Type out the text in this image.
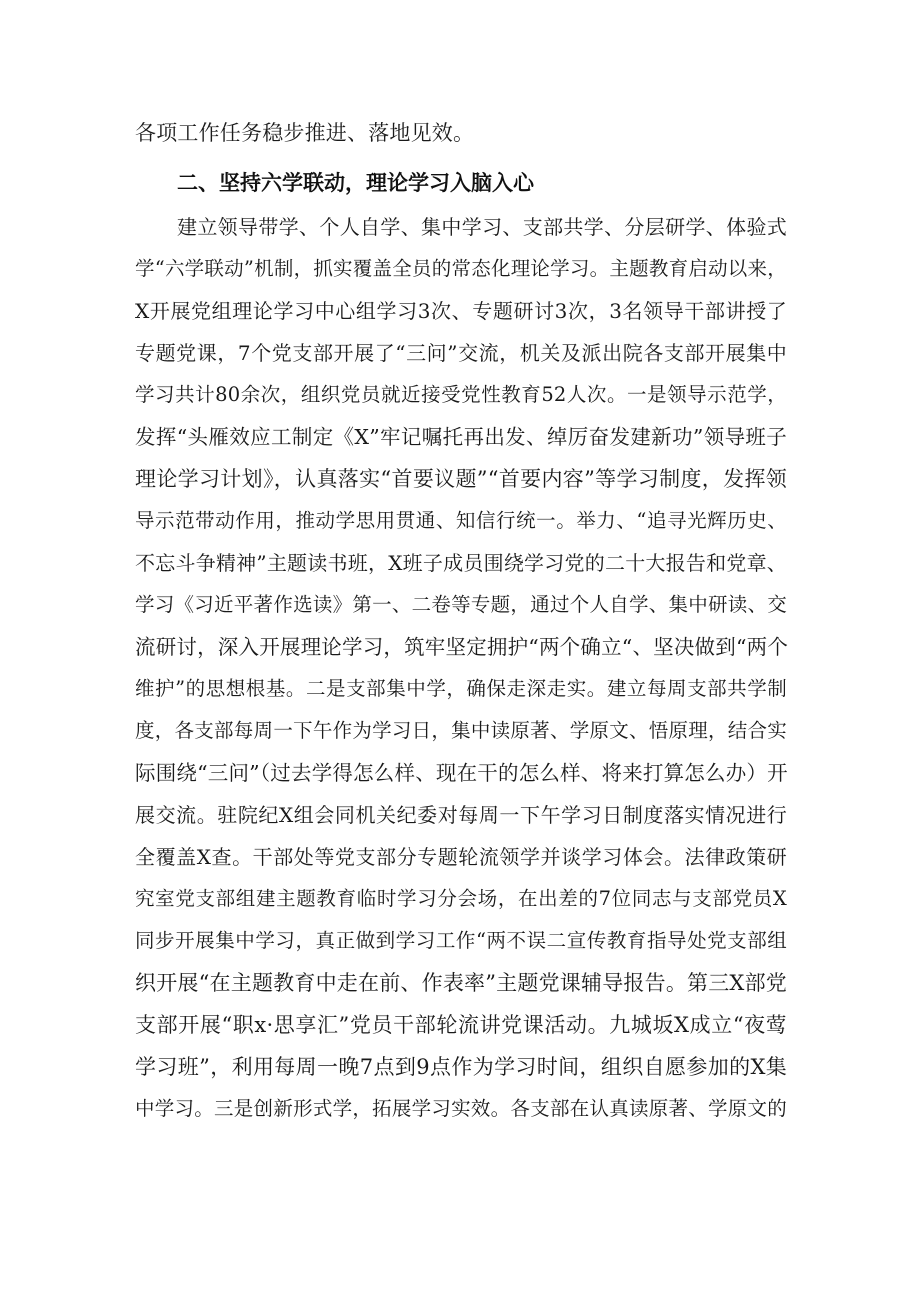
各项工作任务稳步推进、落地见效。
二、坚持六学联动，理论学习入脑入心
建立领导带学、个人自学、集中学习、支部共学、分层研学、体验式
学“六学联动”机制，抓实覆盖全员的常态化理论学习。主题教育启动以来，
X开展党组理论学习中心组学习3次、专题研讨3次，3名领导干部讲授了
专题党课，7个党支部开展了“三问”交流，机关及派出院各支部开展集中
学习共计80余次，组织党员就近接受党性教育52人次。一是领导示范学，
发挥“头雁效应工制定《X”牢记嘱托再出发、绰厉奋发建新功”领导班子
理论学习计划》，认真落实“首要议题”“首要内容”等学习制度，发挥领
导示范带动作用，推动学思用贯通、知信行统一。举力、“追寻光辉历史、
不忘斗争精神”主题读书班，X班子成员围绕学习党的二十大报告和党章、
学习《习近平著作选读》第一、二卷等专题，通过个人自学、集中研读、交
流研讨，深入开展理论学习，筑牢坚定拥护“两个确立“、坚决做到“两个
维护”的思想根基。二是支部集中学，确保走深走实。建立每周支部共学制
度，各支部每周一下午作为学习日，集中读原著、学原文、悟原理，结合实
际围绕“三问”（过去学得怎么样、现在干的怎么样、将来打算怎么办）开
展交流。驻院纪X组会同机关纪委对每周一下午学习日制度落实情况进行
全覆盖X查。干部处等党支部分专题轮流领学并谈学习体会。法律政策研
究室党支部组建主题教育临时学习分会场，在出差的7位同志与支部党员X
同步开展集中学习，真正做到学习工作“两不误二宣传教育指导处党支部组
织开展“在主题教育中走在前、作表率”主题党课辅导报告。第三X部党
支部开展“职x·思享汇”党员干部轮流讲党课活动。九城坂X成立“夜莺
学习班”，利用每周一晚7点到9点作为学习时间，组织自愿参加的X集
中学习。三是创新形式学，拓展学习实效。各支部在认真读原著、学原文的
